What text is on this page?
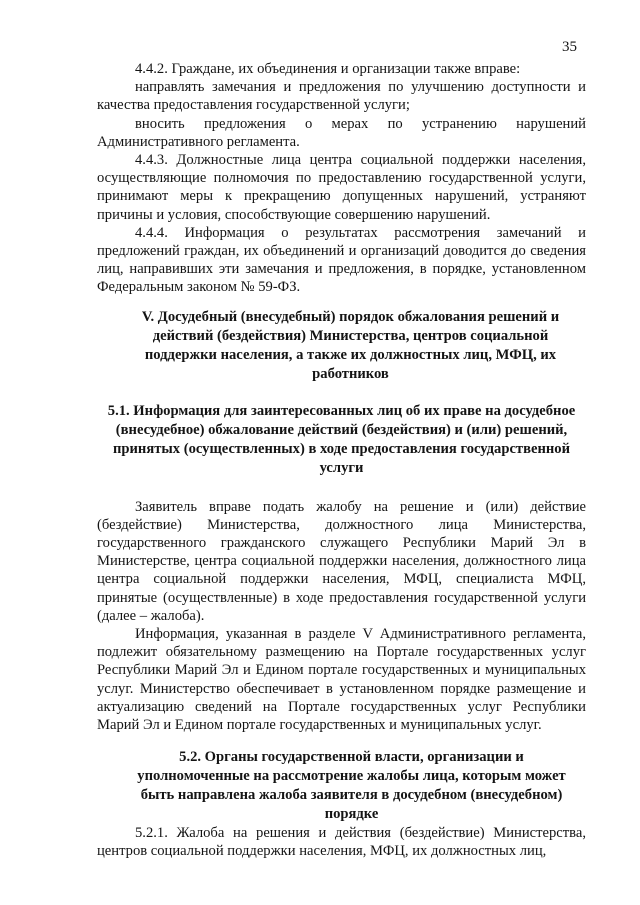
35

4.4.2. Граждане, их объединения и организации также вправе:

направлять замечания и предложения по улучшению доступности и качества предоставления государственной услуги;

вносить предложения о мерах по устранению нарушений Административного регламента.

4.4.3. Должностные лица центра социальной поддержки населения, осуществляющие полномочия по предоставлению государственной услуги, принимают меры к прекращению допущенных нарушений, устраняют причины и условия, способствующие совершению нарушений.

4.4.4. Информация о результатах рассмотрения замечаний и предложений граждан, их объединений и организаций доводится до сведения лиц, направивших эти замечания и предложения, в порядке, установленном Федеральным законом № 59-ФЗ.

V. Досудебный (внесудебный) порядок обжалования решений и действий (бездействия) Министерства, центров социальной поддержки населения, а также их должностных лиц, МФЦ, их работников
5.1. Информация для заинтересованных лиц об их праве на досудебное (внесудебное) обжалование действий (бездействия) и (или) решений, принятых (осуществленных) в ходе предоставления государственной услуги

Заявитель вправе подать жалобу на решение и (или) действие (бездействие) Министерства, должностного лица Министерства, государственного гражданского служащего Республики Марий Эл в Министерстве, центра социальной поддержки населения, должностного лица центра социальной поддержки населения, МФЦ, специалиста МФЦ, принятые (осуществленные) в ходе предоставления государственной услуги (далее – жалоба).

Информация, указанная в разделе V Административного регламента, подлежит обязательному размещению на Портале государственных услуг Республики Марий Эл и Едином портале государственных и муниципальных услуг. Министерство обеспечивает в установленном порядке размещение и актуализацию сведений на Портале государственных услуг Республики Марий Эл и Едином портале государственных и муниципальных услуг.

5.2. Органы государственной власти, организации и уполномоченные на рассмотрение жалобы лица, которым может быть направлена жалоба заявителя в досудебном (внесудебном) порядке

5.2.1. Жалоба на решения и действия (бездействие) Министерства, центров социальной поддержки населения, МФЦ, их должностных лиц,
